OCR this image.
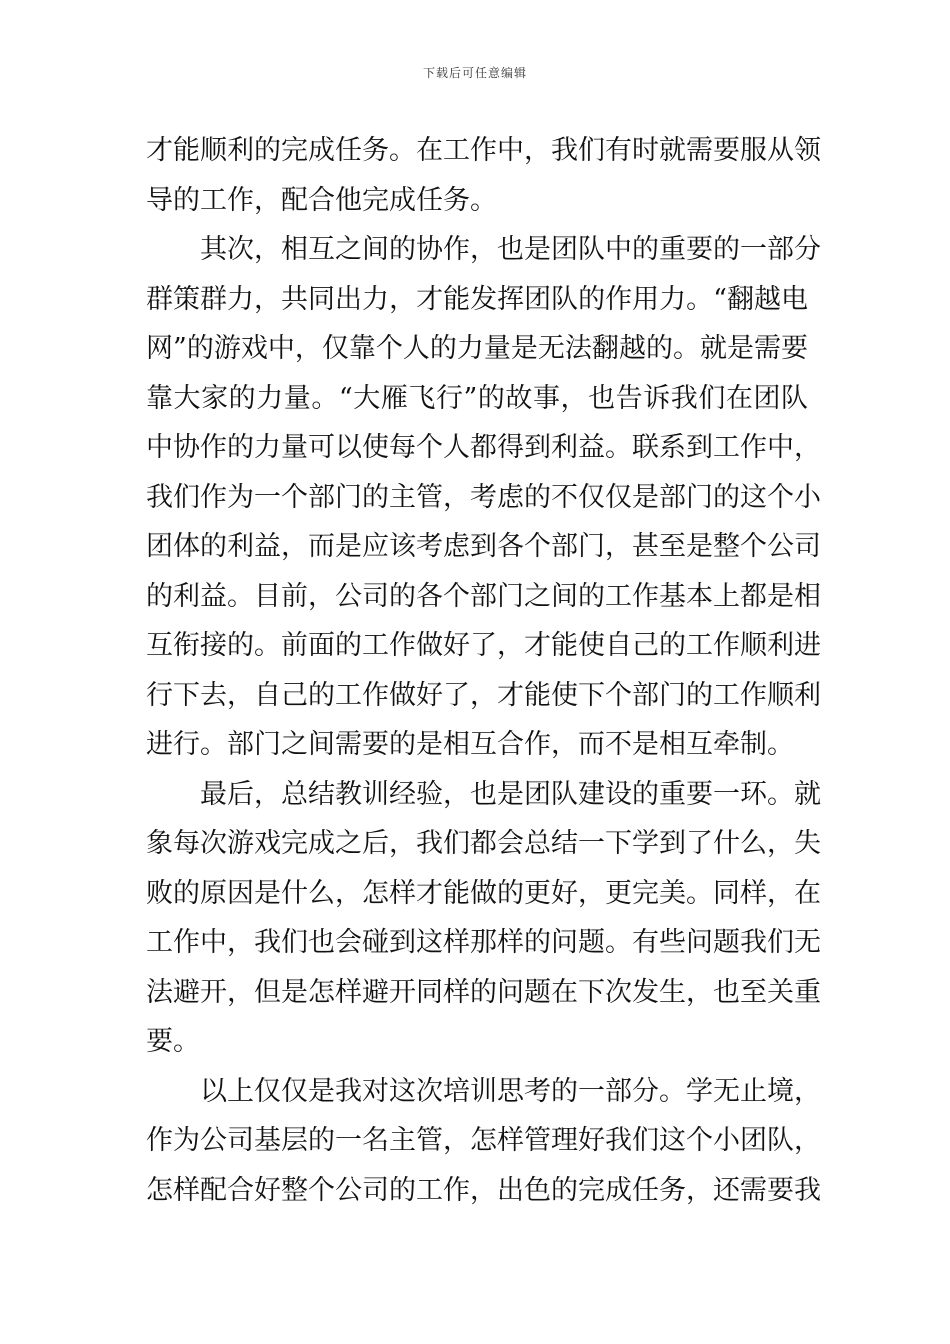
下载后可任意编辑
才能顺利的完成任务。在工作中，我们有时就需要服从领
导的工作，配合他完成任务。
其次，相互之间的协作，也是团队中的重要的一部分
群策群力，共同出力，才能发挥团队的作用力。“翻越电
网”的游戏中，仅靠个人的力量是无法翻越的。就是需要
靠大家的力量。“大雁飞行”的故事，也告诉我们在团队
中协作的力量可以使每个人都得到利益。联系到工作中，
我们作为一个部门的主管，考虑的不仅仅是部门的这个小
团体的利益，而是应该考虑到各个部门，甚至是整个公司
的利益。目前，公司的各个部门之间的工作基本上都是相
互衔接的。前面的工作做好了，才能使自己的工作顺利进
行下去，自己的工作做好了，才能使下个部门的工作顺利
进行。部门之间需要的是相互合作，而不是相互牵制。
最后，总结教训经验，也是团队建设的重要一环。就
象每次游戏完成之后，我们都会总结一下学到了什么，失
败的原因是什么，怎样才能做的更好，更完美。同样，在
工作中，我们也会碰到这样那样的问题。有些问题我们无
法避开，但是怎样避开同样的问题在下次发生，也至关重
要。
以上仅仅是我对这次培训思考的一部分。学无止境，
作为公司基层的一名主管，怎样管理好我们这个小团队，
怎样配合好整个公司的工作，出色的完成任务，还需要我
